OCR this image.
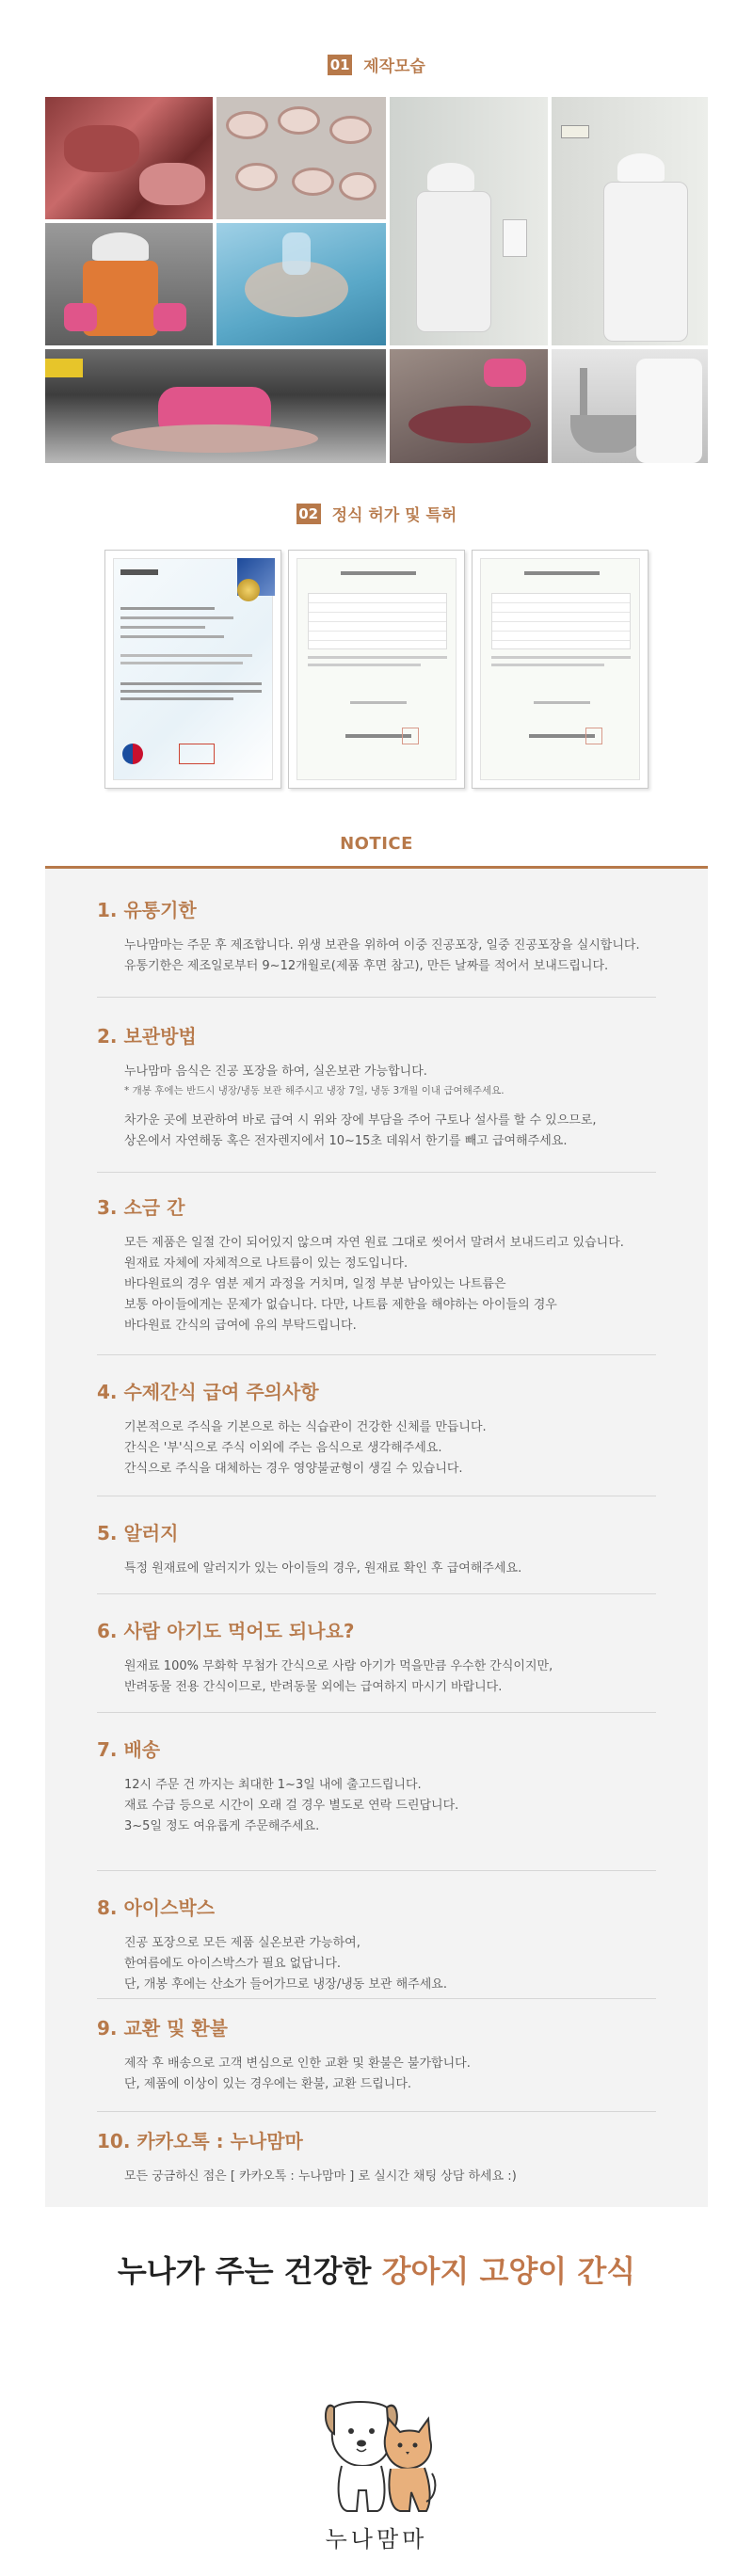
01 제작모습
02 정식 허가 및 특허
NOTICE
1. 유통기한

누나맘마는 주문 후 제조합니다. 위생 보관을 위하여 이중 진공포장, 일중 진공포장을 실시합니다.

유통기한은 제조일로부터 9~12개월로(제품 후면 참고), 만든 날짜를 적어서 보내드립니다.

2. 보관방법

누나맘마 음식은 진공 포장을 하여, 실온보관 가능합니다.

* 개봉 후에는 반드시 냉장/냉동 보관 해주시고 냉장 7일, 냉동 3개월 이내 급여해주세요.

차가운 곳에 보관하여 바로 급여 시 위와 장에 부담을 주어 구토나 설사를 할 수 있으므로,

상온에서 자연해동 혹은 전자렌지에서 10~15초 데워서 한기를 빼고 급여해주세요.

3. 소금 간

모든 제품은 일절 간이 되어있지 않으며 자연 원료 그대로 씻어서 말려서 보내드리고 있습니다.

원재료 자체에 자체적으로 나트륨이 있는 정도입니다.

바다원료의 경우 염분 제거 과정을 거치며, 일정 부분 남아있는 나트륨은

보통 아이들에게는 문제가 없습니다. 다만, 나트륨 제한을 해야하는 아이들의 경우

바다원료 간식의 급여에 유의 부탁드립니다.

4. 수제간식 급여 주의사항

기본적으로 주식을 기본으로 하는 식습관이 건강한 신체를 만듭니다.

간식은 '부'식으로 주식 이외에 주는 음식으로 생각해주세요.

간식으로 주식을 대체하는 경우 영양불균형이 생길 수 있습니다.

5. 알러지

특정 원재료에 알러지가 있는 아이들의 경우, 원재료 확인 후 급여해주세요.

6. 사람 아기도 먹어도 되나요?

원재료 100% 무화학 무첨가 간식으로 사람 아기가 먹을만큼 우수한 간식이지만,

반려동물 전용 간식이므로, 반려동물 외에는 급여하지 마시기 바랍니다.

7. 배송

12시 주문 건 까지는 최대한 1~3일 내에 출고드립니다.

재료 수급 등으로 시간이 오래 걸 경우 별도로 연락 드린답니다.

3~5일 정도 여유롭게 주문해주세요.

8. 아이스박스

진공 포장으로 모든 제품 실온보관 가능하여,

한여름에도 아이스박스가 필요 없답니다.

단, 개봉 후에는 산소가 들어가므로 냉장/냉동 보관 해주세요.

9. 교환 및 환불

제작 후 배송으로 고객 변심으로 인한 교환 및 환불은 불가합니다.

단, 제품에 이상이 있는 경우에는 환불, 교환 드립니다.

10. 카카오톡 : 누나맘마

모든 궁금하신 점은 [ 카카오톡 : 누나맘마 ] 로 실시간 채팅 상담 하세요 :)

누나가 주는 건강한 강아지 고양이 간식
누나맘마
